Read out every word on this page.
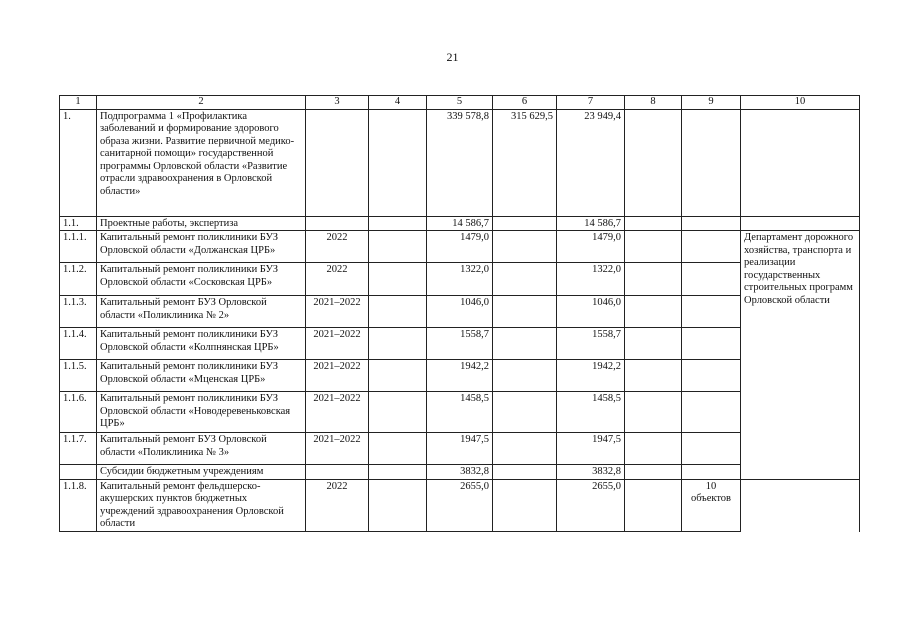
21
1	2	3	4	5	6	7	8	9	10	
1.	Подпрограмма 1 «Профилактика заболеваний и формирование здорового образа жизни. Развитие первичной медико-санитарной помощи» государственной программы Орловской области «Развитие отрасли здравоохранения в Орловской области»			339 578,8	315 629,5	23 949,4				
1.1.	Проектные работы, экспертиза			14 586,7		14 586,7				
1.1.1.	Капитальный ремонт поликлиники БУЗ Орловской области «Должанская ЦРБ»	2022		1479,0		1479,0			Департамент дорожного хозяйства, транспорта и реализации государственных строительных программ Орловской области	
1.1.2.	Капитальный ремонт поликлиники БУЗ Орловской области «Сосковская ЦРБ»	2022		1322,0		1322,0				
1.1.3.	Капитальный ремонт БУЗ Орловской области «Поликлиника № 2»	2021–2022		1046,0		1046,0				
1.1.4.	Капитальный ремонт поликлиники БУЗ Орловской области «Колпнянская ЦРБ»	2021–2022		1558,7		1558,7				
1.1.5.	Капитальный ремонт поликлиники БУЗ Орловской области «Мценская ЦРБ»	2021–2022		1942,2		1942,2				
1.1.6.	Капитальный ремонт поликлиники БУЗ Орловской области «Новодеревеньковская ЦРБ»	2021–2022		1458,5		1458,5				
1.1.7.	Капитальный ремонт БУЗ Орловской области «Поликлиника № 3»	2021–2022		1947,5		1947,5				
	Субсидии бюджетным учреждениям			3832,8		3832,8			
1.1.8.	Капитальный ремонт фельдшерско-акушерских пунктов бюджетных учреждений здравоохранения Орловской области	2022		2655,0		2655,0		10 объектов		
